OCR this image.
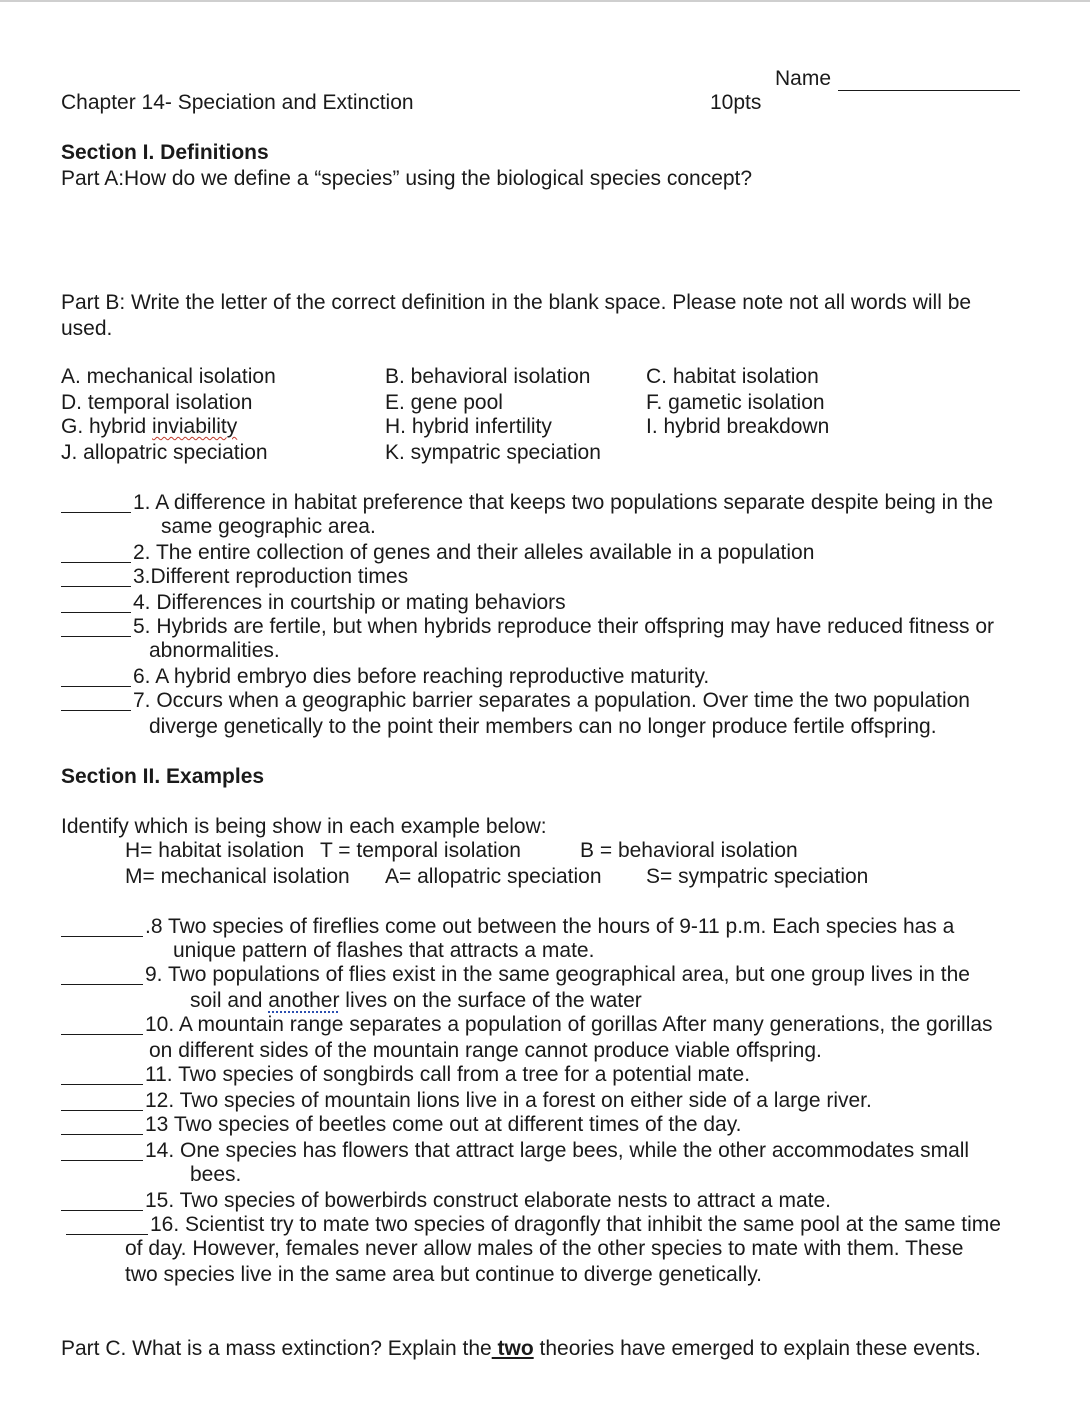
Name
Chapter 14- Speciation and Extinction	10pts
Section I. Definitions
Part A:How do we define a “species” using the biological species concept?
Part B: Write the letter of the correct definition in the blank space. Please note not all words will be
used.
A. mechanical isolation	B. behavioral isolation	C. habitat isolation
D. temporal isolation	E. gene pool	F. gametic isolation
G. hybrid inviability	H. hybrid infertility	I. hybrid breakdown
J. allopatric speciation	K. sympatric speciation
1. A difference in habitat preference that keeps two populations separate despite being in the
same geographic area.
2. The entire collection of genes and their alleles available in a population
3.Different reproduction times
4. Differences in courtship or mating behaviors
5. Hybrids are fertile, but when hybrids reproduce their offspring may have reduced fitness or
abnormalities.
6. A hybrid embryo dies before reaching reproductive maturity.
7. Occurs when a geographic barrier separates a population. Over time the two population
diverge genetically to the point their members can no longer produce fertile offspring.
Section II. Examples
Identify which is being show in each example below:
H= habitat isolation T = temporal isolation	B = behavioral isolation
M= mechanical isolation A= allopatric speciation S= sympatric speciation
.8 Two species of fireflies come out between the hours of 9-11 p.m. Each species has a
unique pattern of flashes that attracts a mate.
9. Two populations of flies exist in the same geographical area, but one group lives in the
soil and another lives on the surface of the water
10. A mountain range separates a population of gorillas After many generations, the gorillas
on different sides of the mountain range cannot produce viable offspring.
11. Two species of songbirds call from a tree for a potential mate.
12. Two species of mountain lions live in a forest on either side of a large river.
13 Two species of beetles come out at different times of the day.
14. One species has flowers that attract large bees, while the other accommodates small
bees.
15. Two species of bowerbirds construct elaborate nests to attract a mate.
16. Scientist try to mate two species of dragonfly that inhibit the same pool at the same time
of day. However, females never allow males of the other species to mate with them. These
two species live in the same area but continue to diverge genetically.
Part C. What is a mass extinction? Explain the two theories have emerged to explain these events.
